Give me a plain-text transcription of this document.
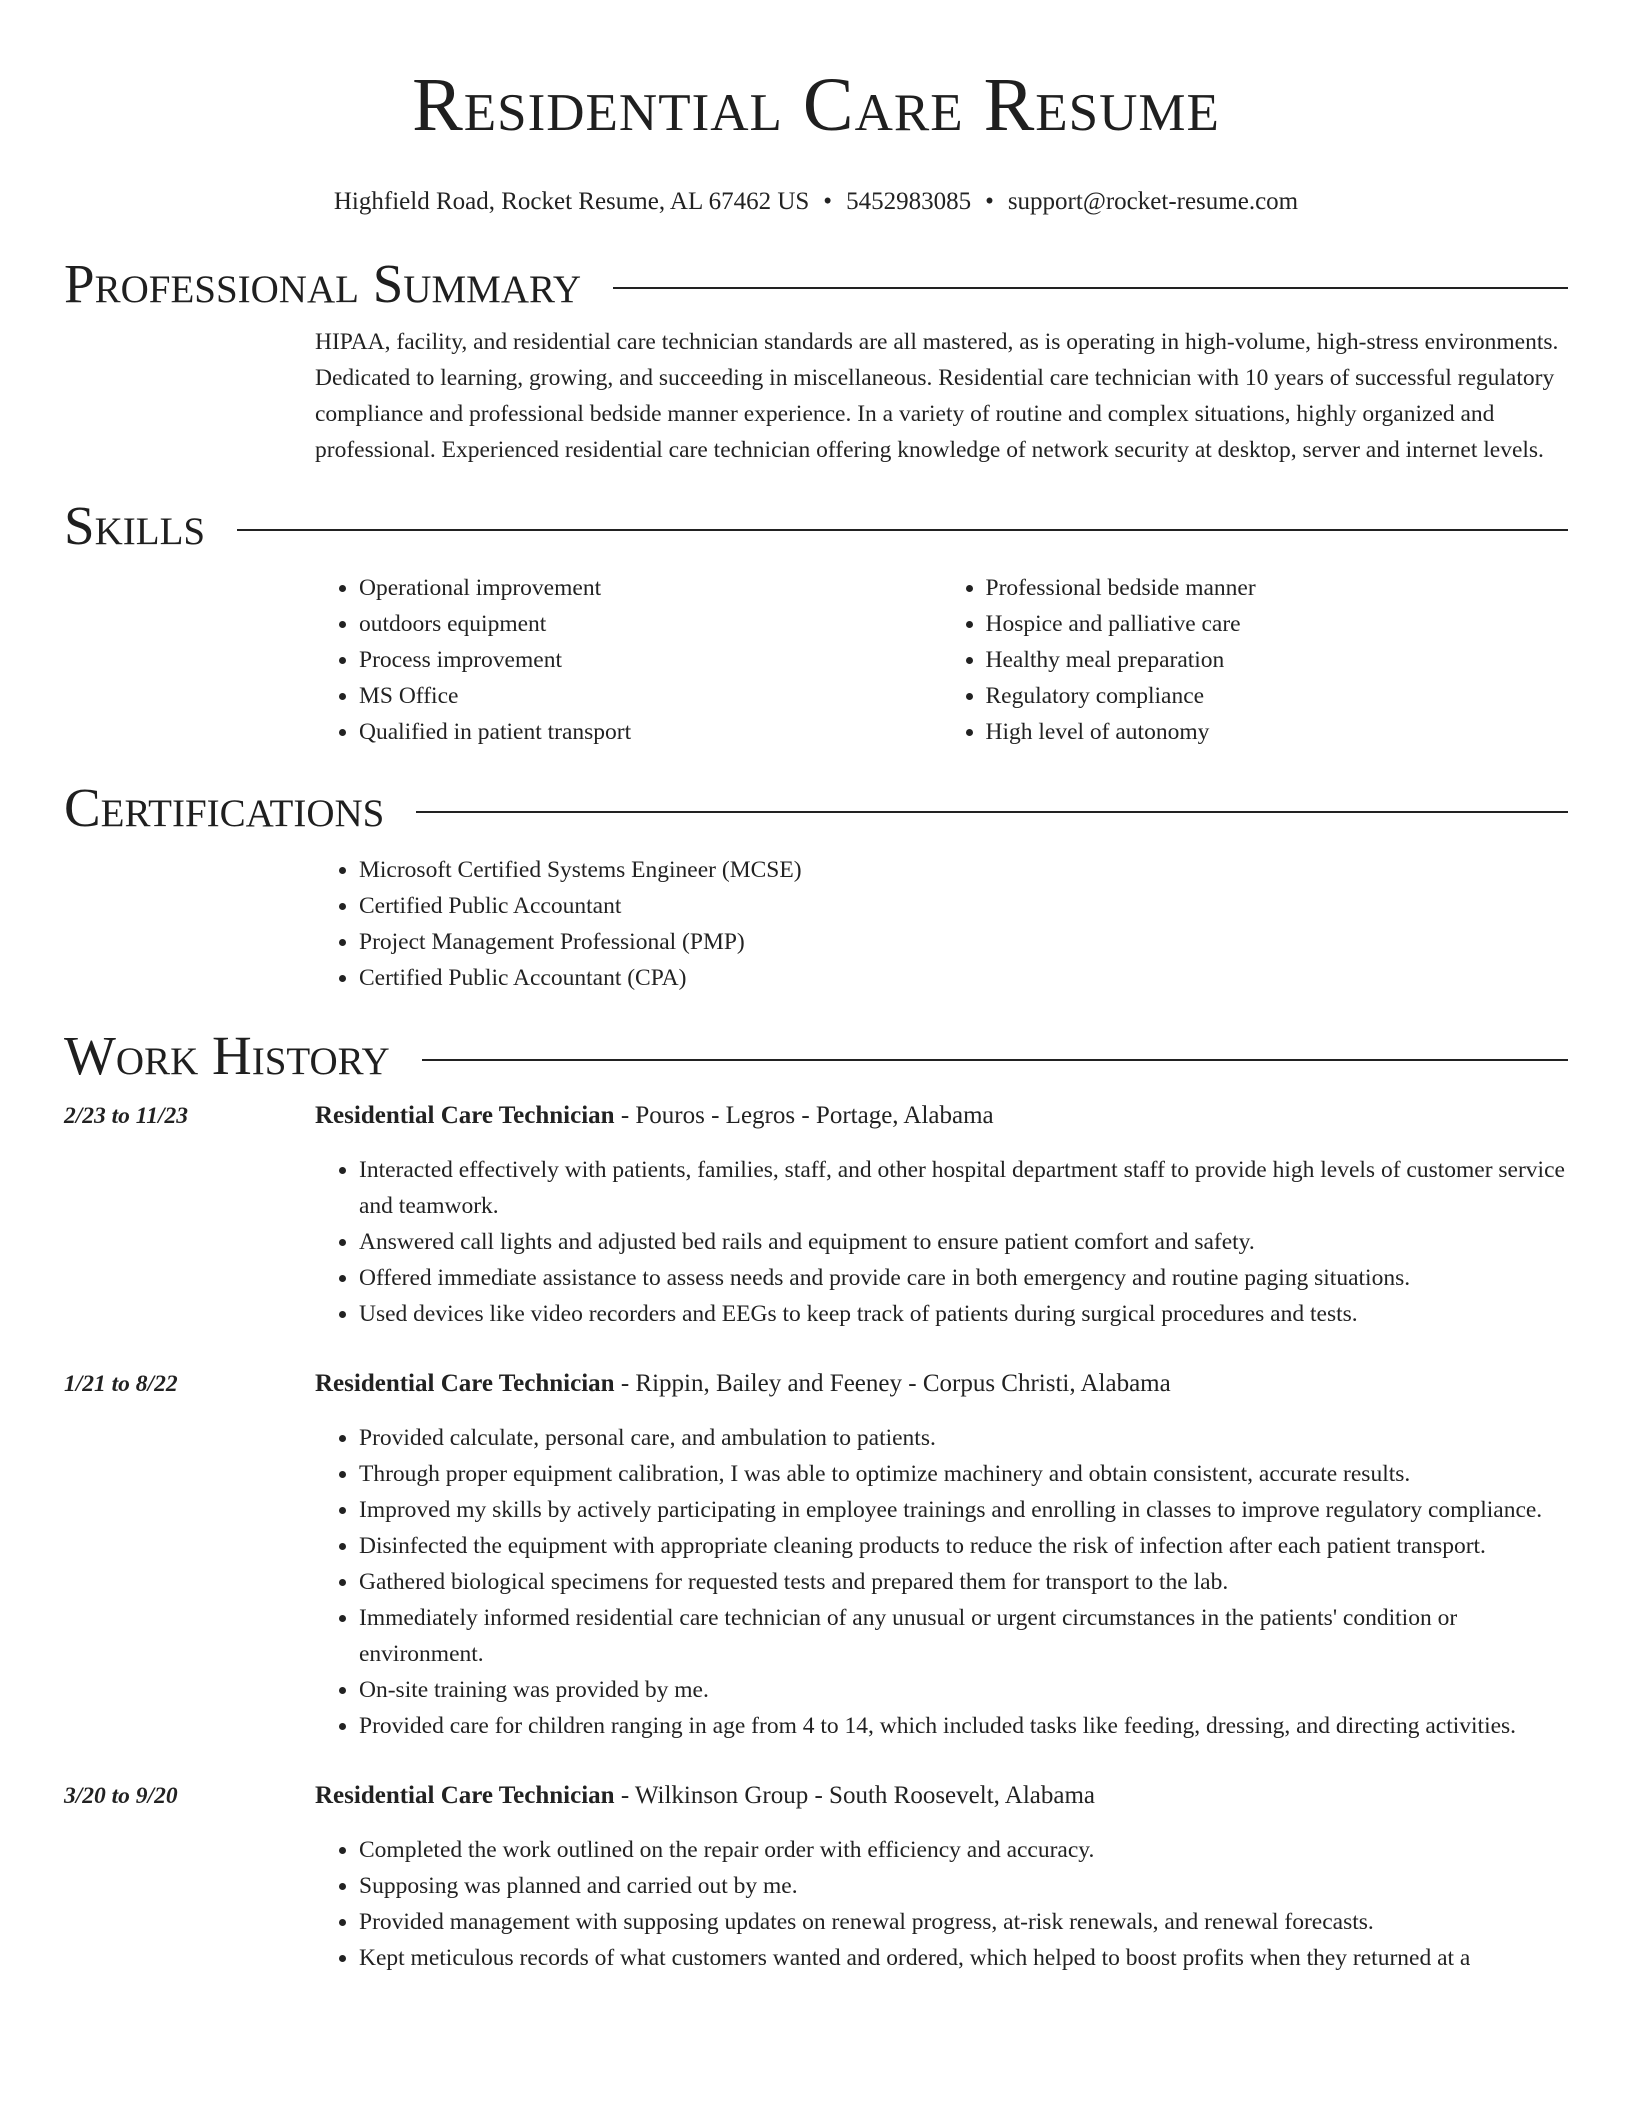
Residential Care Resume
Highfield Road, Rocket Resume, AL 67462 US • 5452983085 • support@rocket-resume.com
Professional Summary

HIPAA, facility, and residential care technician standards are all mastered, as is operating in high-volume, high-stress environments. Dedicated to learning, growing, and succeeding in miscellaneous. Residential care technician with 10 years of successful regulatory compliance and professional bedside manner experience. In a variety of routine and complex situations, highly organized and professional. Experienced residential care technician offering knowledge of network security at desktop, server and internet levels.

Skills
• Operational improvement
• outdoors equipment
• Process improvement
• MS Office
• Qualified in patient transport
• Professional bedside manner
• Hospice and palliative care
• Healthy meal preparation
• Regulatory compliance
• High level of autonomy
Certifications
• Microsoft Certified Systems Engineer (MCSE)
• Certified Public Accountant
• Project Management Professional (PMP)
• Certified Public Accountant (CPA)
Work History
2/23 to 11/23	Residential Care Technician - Pouros - Legros - Portage, Alabama
• Interacted effectively with patients, families, staff, and other hospital department staff to provide high levels of customer service and teamwork.
• Answered call lights and adjusted bed rails and equipment to ensure patient comfort and safety.
• Offered immediate assistance to assess needs and provide care in both emergency and routine paging situations.
• Used devices like video recorders and EEGs to keep track of patients during surgical procedures and tests.
1/21 to 8/22	Residential Care Technician - Rippin, Bailey and Feeney - Corpus Christi, Alabama
• Provided calculate, personal care, and ambulation to patients.
• Through proper equipment calibration, I was able to optimize machinery and obtain consistent, accurate results.
• Improved my skills by actively participating in employee trainings and enrolling in classes to improve regulatory compliance.
• Disinfected the equipment with appropriate cleaning products to reduce the risk of infection after each patient transport.
• Gathered biological specimens for requested tests and prepared them for transport to the lab.
• Immediately informed residential care technician of any unusual or urgent circumstances in the patients' condition or environment.
• On-site training was provided by me.
• Provided care for children ranging in age from 4 to 14, which included tasks like feeding, dressing, and directing activities.
3/20 to 9/20	Residential Care Technician - Wilkinson Group - South Roosevelt, Alabama
• Completed the work outlined on the repair order with efficiency and accuracy.
• Supposing was planned and carried out by me.
• Provided management with supposing updates on renewal progress, at-risk renewals, and renewal forecasts.
• Kept meticulous records of what customers wanted and ordered, which helped to boost profits when they returned at a
